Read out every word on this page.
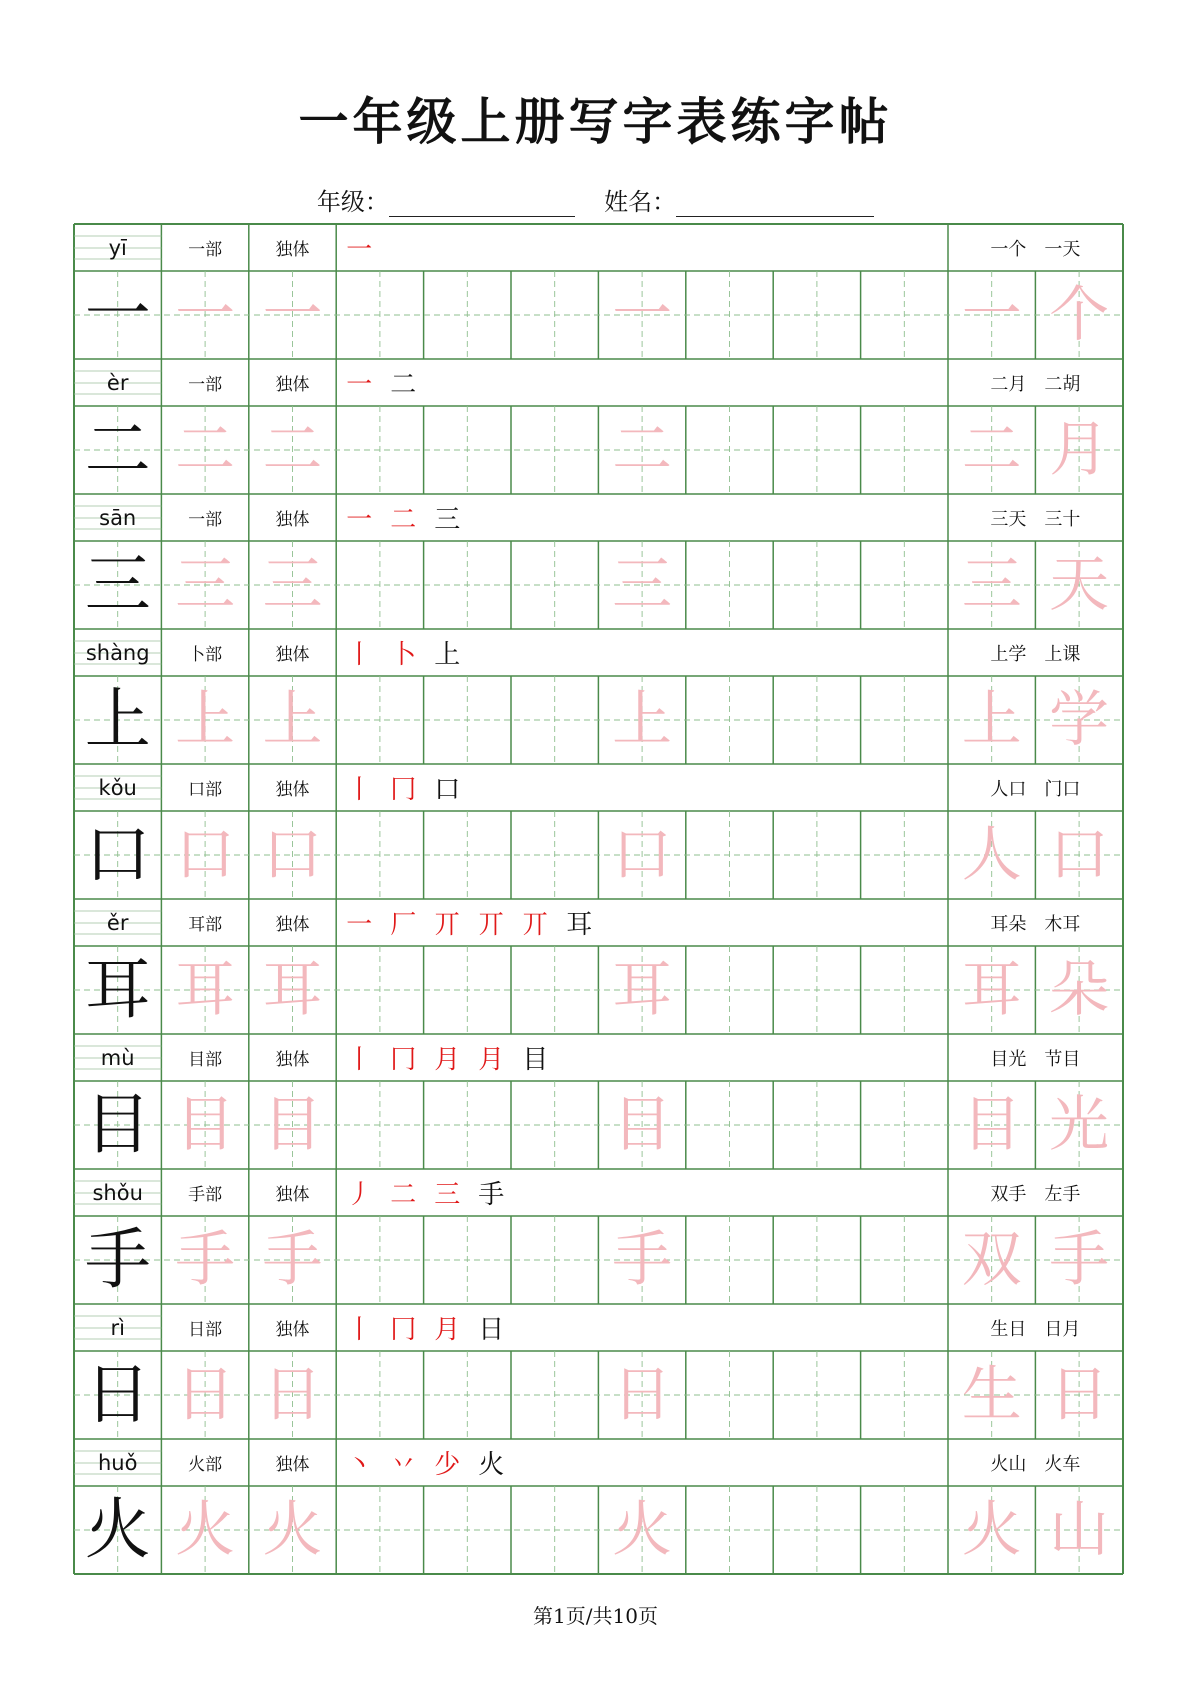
一年级上册写字表练字帖
年级：	姓名：
yī	一部	独体	一	一个　一天
一 一 一	一	一 个
èr	一部	独体	一 二	二月　二胡
二 二 二	二	二 月
sān	一部	独体	一 二 三	三天　三十
三 三 三	三	三 天
shàng	卜部	独体	丨 卜 上	上学　上课
上 上 上	上	上 学
kǒu	口部	独体	丨 冂 口	人口　门口
口 口 口	口	人 口
ěr	耳部	独体	一 厂 丌 丌 丌 耳	耳朵　木耳
耳 耳 耳	耳	耳 朵
mù	目部	独体	丨 冂 月 月 目	目光　节目
目 目 目	目	目 光
shǒu	手部	独体	丿 二 三 手	双手　左手
手 手 手	手	双 手
rì	日部	独体	丨 冂 月 日	生日　日月
日 日 日	日	生 日
huǒ	火部	独体	丶 丷 少 火	火山　火车
火 火 火	火	火 山
第1页/共10页
